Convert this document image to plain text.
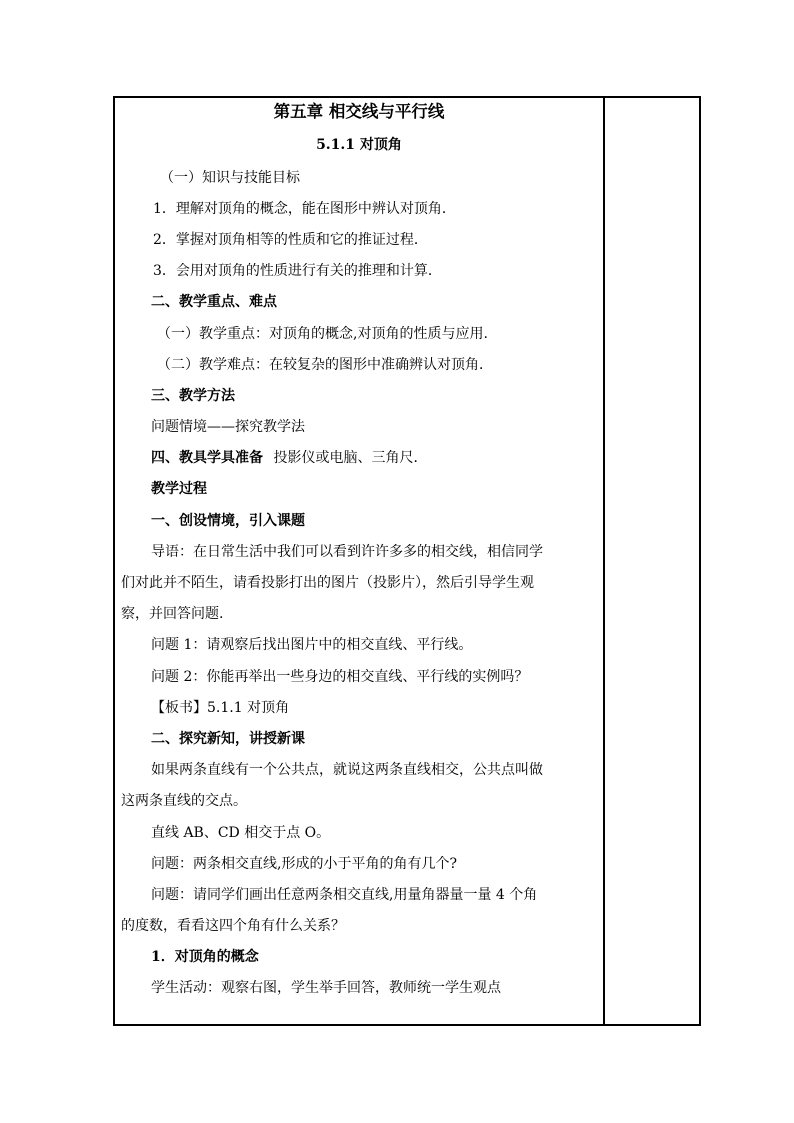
第五章 相交线与平行线
5.1.1 对顶角
（一）知识与技能目标
1．理解对顶角的概念，能在图形中辨认对顶角．
2．掌握对顶角相等的性质和它的推证过程．
3．会用对顶角的性质进行有关的推理和计算．
二、教学重点、难点
（一）教学重点：对顶角的概念,对顶角的性质与应用.
（二）教学难点：在较复杂的图形中准确辨认对顶角．
三、教学方法
问题情境——探究教学法
四、教具学具准备 投影仪或电脑、三角尺．
教学过程
一、创设情境，引入课题
导语：在日常生活中我们可以看到许许多多的相交线，相信同学
们对此并不陌生，请看投影打出的图片（投影片），然后引导学生观
察，并回答问题.
问题 1：请观察后找出图片中的相交直线、平行线。
问题 2：你能再举出一些身边的相交直线、平行线的实例吗？
【板书】5.1.1 对顶角
二、探究新知，讲授新课
如果两条直线有一个公共点，就说这两条直线相交，公共点叫做
这两条直线的交点。
直线 AB、CD 相交于点 O。
问题：两条相交直线,形成的小于平角的角有几个?
问题：请同学们画出任意两条相交直线,用量角器量一量 4 个角
的度数，看看这四个角有什么关系？
1．对顶角的概念
学生活动：观察右图，学生举手回答，教师统一学生观点
